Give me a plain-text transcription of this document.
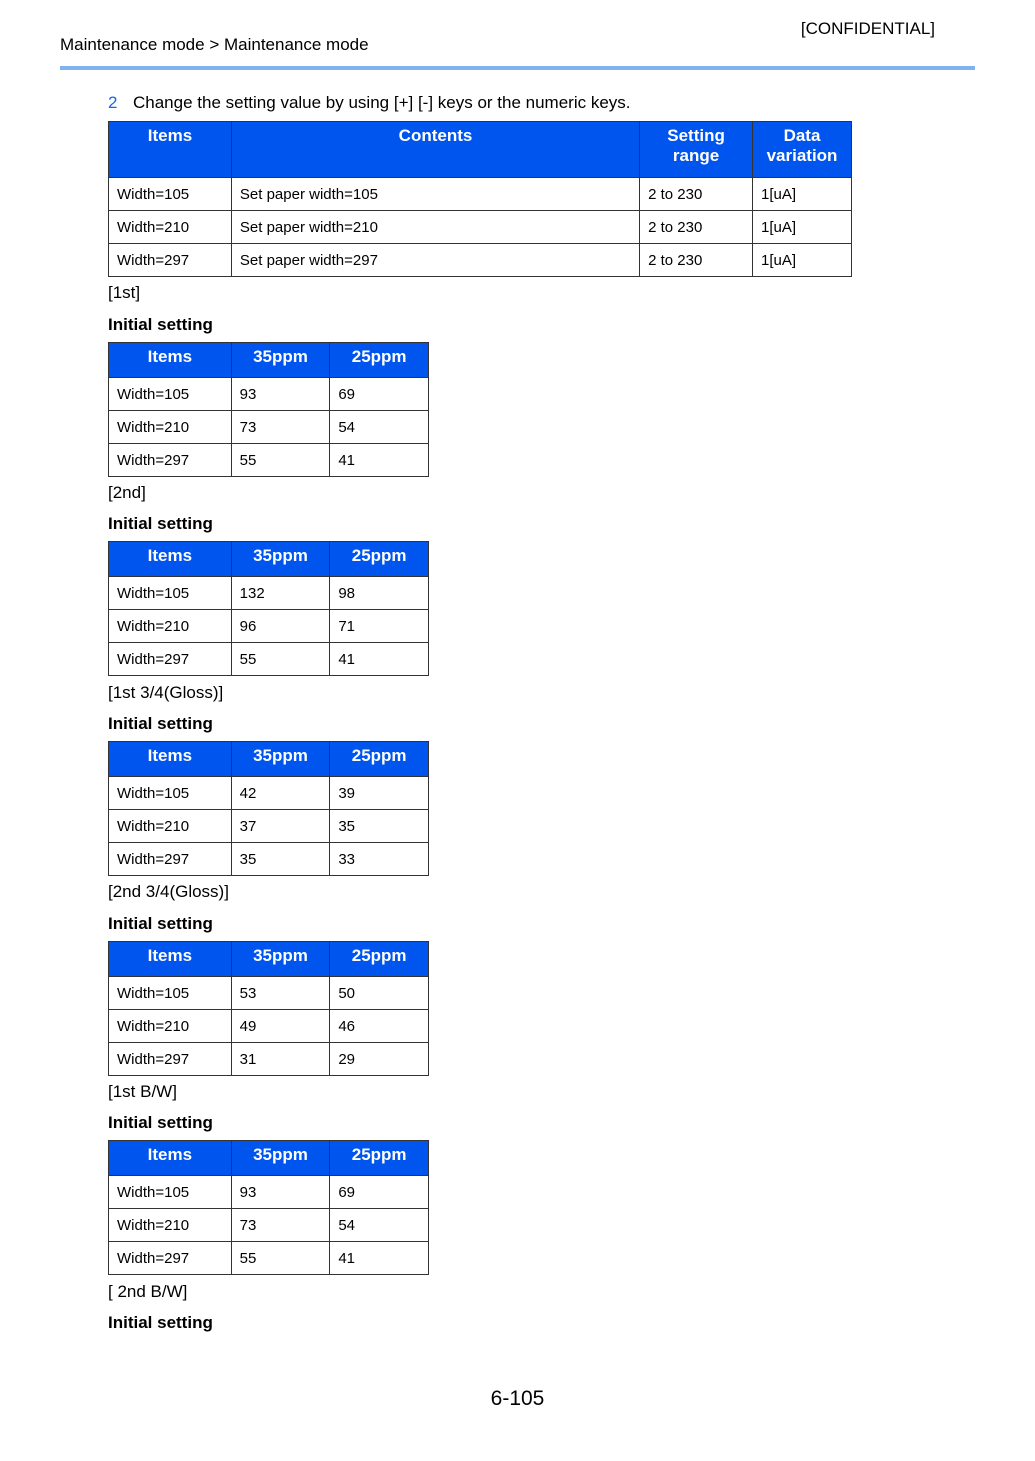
[CONFIDENTIAL]
Maintenance mode > Maintenance mode
2 Change the setting value by using [+] [-] keys or the numeric keys.
Items	Contents	Setting range	Data variation
Width=105	Set paper width=105	2 to 230	1[uA]
Width=210	Set paper width=210	2 to 230	1[uA]
Width=297	Set paper width=297	2 to 230	1[uA]
[1st]
Initial setting
Items	35ppm	25ppm
Width=105	93	69
Width=210	73	54
Width=297	55	41
[2nd]
Initial setting
Items	35ppm	25ppm
Width=105	132	98
Width=210	96	71
Width=297	55	41
[1st 3/4(Gloss)]
Initial setting
Items	35ppm	25ppm
Width=105	42	39
Width=210	37	35
Width=297	35	33
[2nd 3/4(Gloss)]
Initial setting
Items	35ppm	25ppm
Width=105	53	50
Width=210	49	46
Width=297	31	29
[1st B/W]
Initial setting
Items	35ppm	25ppm
Width=105	93	69
Width=210	73	54
Width=297	55	41
[ 2nd B/W]
Initial setting
6-105
